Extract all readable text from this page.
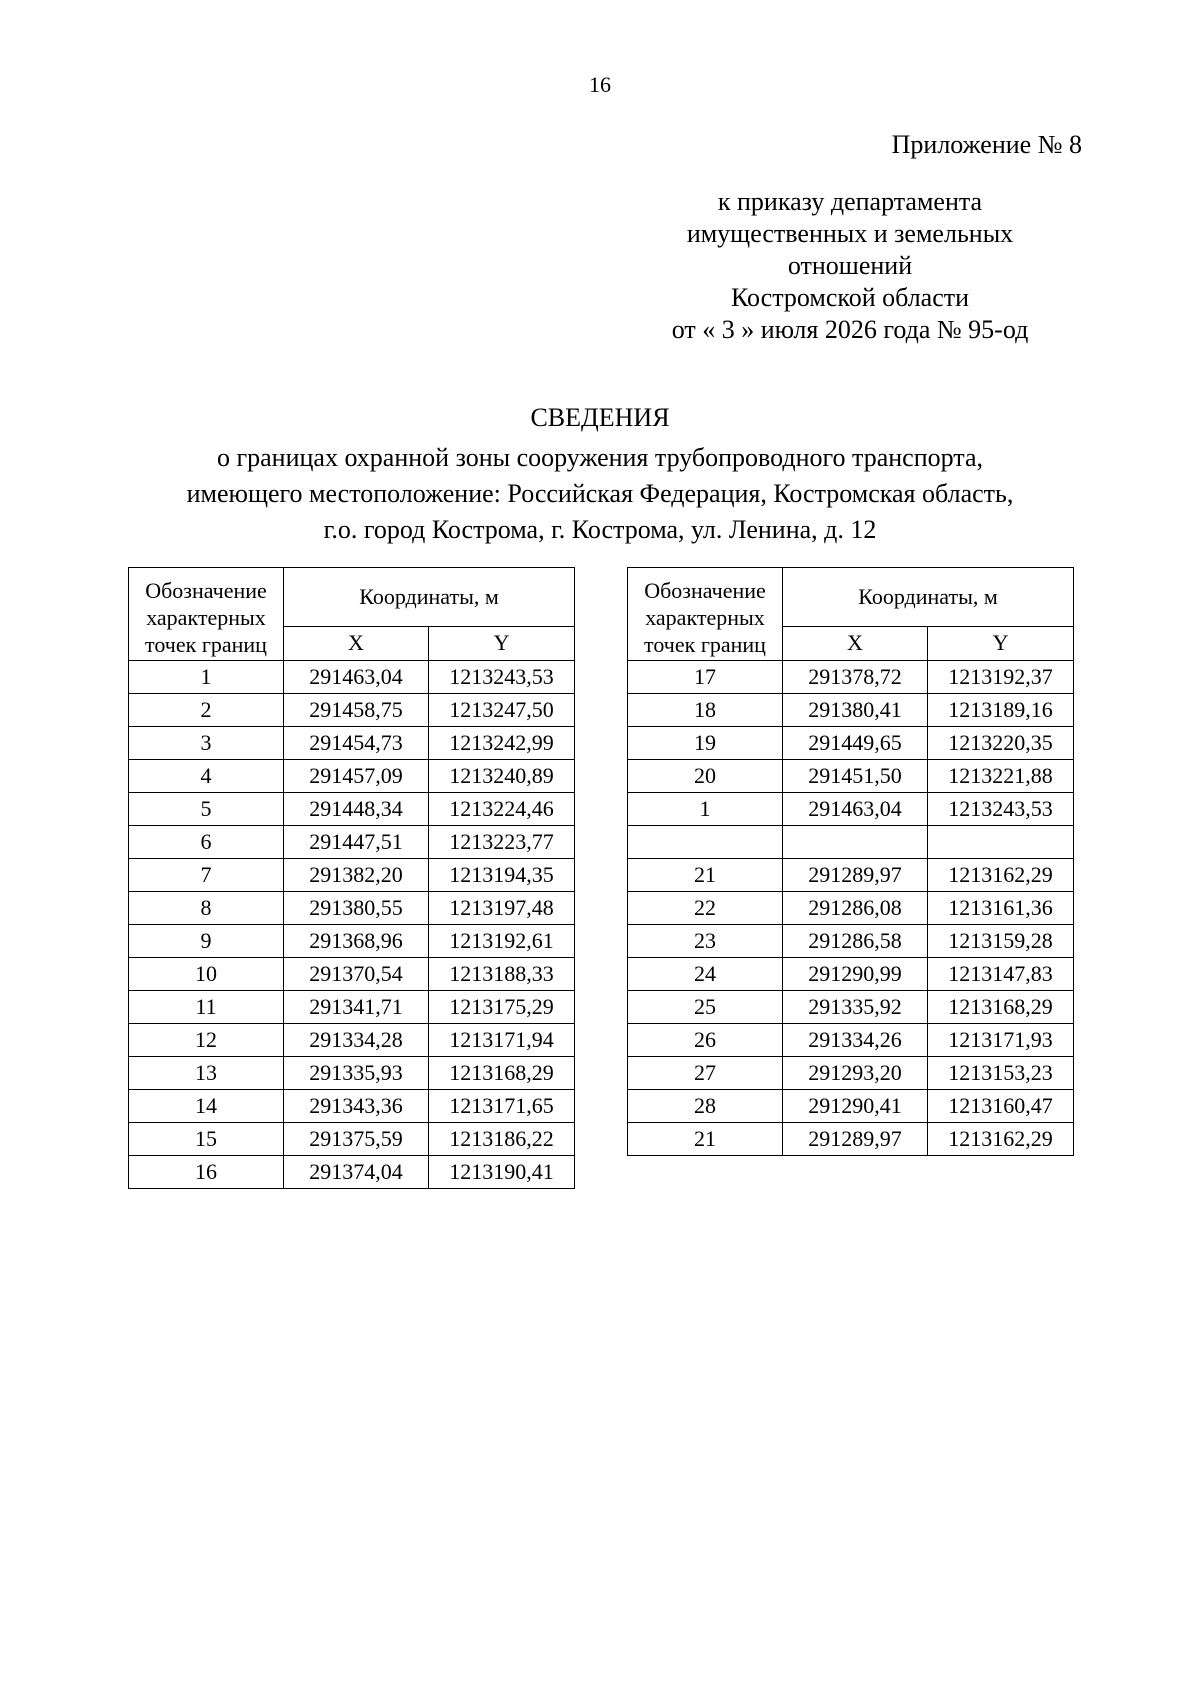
16
Приложение № 8
к приказу департамента
имущественных и земельных
отношений
Костромской области
от « 3 » июля 2026 года № 95-од
СВЕДЕНИЯ
о границах охранной зоны сооружения трубопроводного транспорта,
имеющего местоположение: Российская Федерация, Костромская область,
г.о. город Кострома, г. Кострома, ул. Ленина, д. 12
Обозначение характерных точек границ	Координаты, м	
	X	Y
1	291463,04	1213243,53
2	291458,75	1213247,50
3	291454,73	1213242,99
4	291457,09	1213240,89
5	291448,34	1213224,46
6	291447,51	1213223,77
7	291382,20	1213194,35
8	291380,55	1213197,48
9	291368,96	1213192,61
10	291370,54	1213188,33
11	291341,71	1213175,29
12	291334,28	1213171,94
13	291335,93	1213168,29
14	291343,36	1213171,65
15	291375,59	1213186,22
16	291374,04	1213190,41
Обозначение характерных точек границ	Координаты, м	
	X	Y
17	291378,72	1213192,37
18	291380,41	1213189,16
19	291449,65	1213220,35
20	291451,50	1213221,88
1	291463,04	1213243,53

21	291289,97	1213162,29
22	291286,08	1213161,36
23	291286,58	1213159,28
24	291290,99	1213147,83
25	291335,92	1213168,29
26	291334,26	1213171,93
27	291293,20	1213153,23
28	291290,41	1213160,47
21	291289,97	1213162,29
